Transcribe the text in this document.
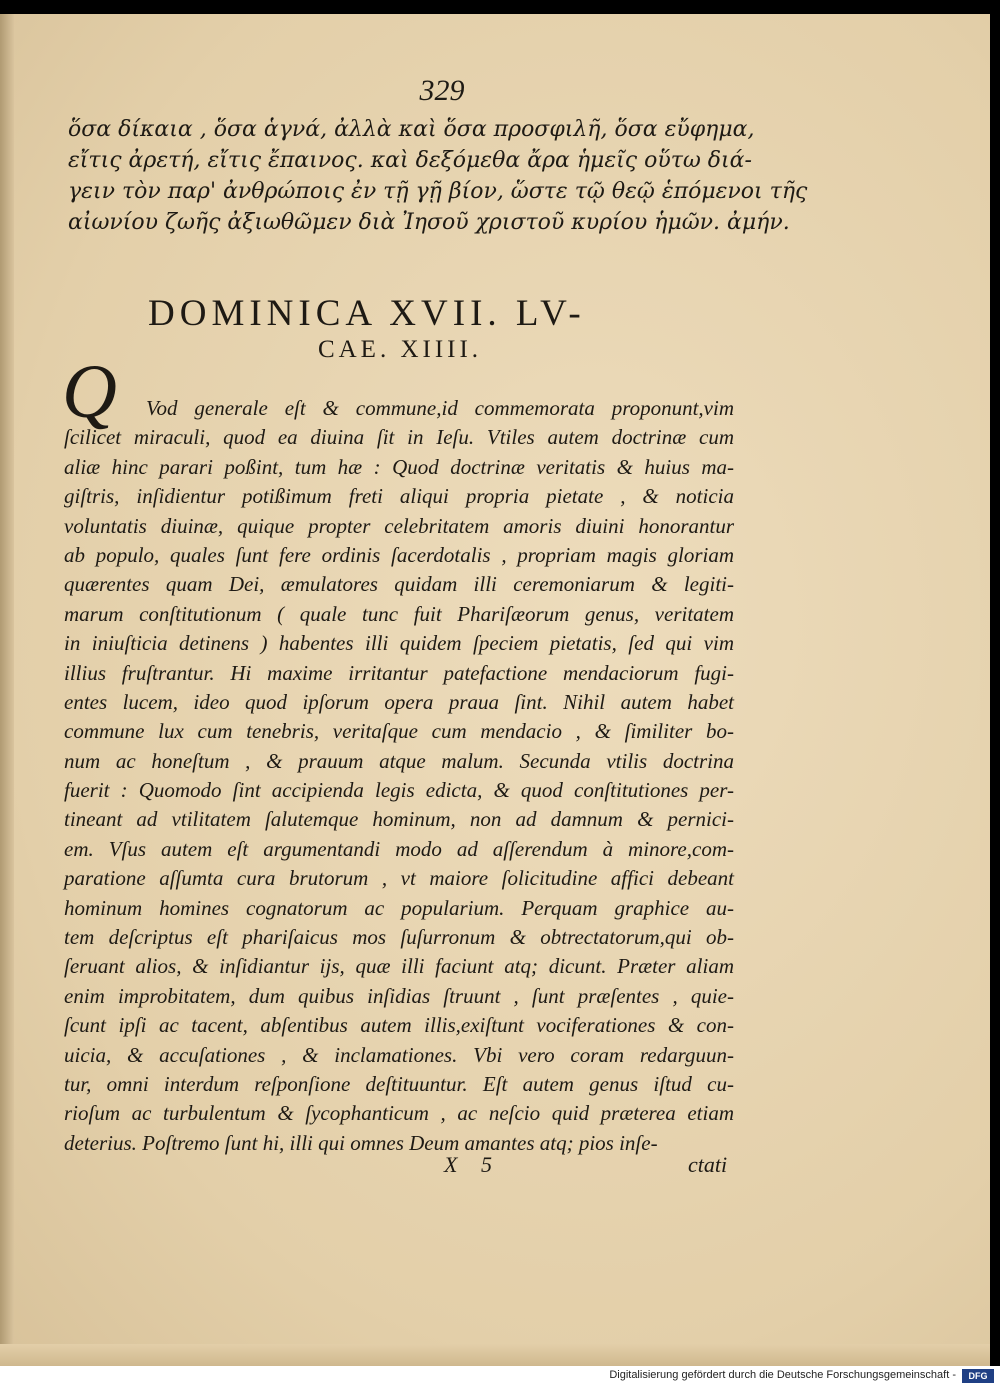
329
ὅσα δίκαια , ὅσα ἁγνά, ἀλλὰ καὶ ὅσα προσφιλῆ, ὅσα εὔφημα,
εἴτις ἀρετή, εἴτις ἔπαινος. καὶ δεξόμεθα ἄρα ἡμεῖς οὕτω διά-
γειν τὸν παρ' ἀνθρώποις ἐν τῇ γῇ βίον, ὥστε τῷ θεῷ ἑπόμενοι τῆς
αἰωνίου ζωῆς ἀξιωθῶμεν διὰ Ἰησοῦ χριστοῦ κυρίου ἡμῶν. ἀμήν.
DOMINICA XVII. LV-
CAE. XIIII.
Q	Vod generale eſt & commune,id commemorata proponunt,vim
ſcilicet miraculi, quod ea diuina ſit in Ieſu. Vtiles autem doctrinæ cum
aliæ hinc parari poßint, tum hæ : Quod doctrinæ veritatis & huius ma-
giſtris, inſidientur potißimum freti aliqui propria pietate , & noticia
voluntatis diuinæ, quique propter celebritatem amoris diuini honorantur
ab populo, quales ſunt fere ordinis ſacerdotalis , propriam magis gloriam
quærentes quam Dei, æmulatores quidam illi ceremoniarum & legiti-
marum conſtitutionum ( quale tunc fuit Phariſæorum genus, veritatem
in iniuſticia detinens ) habentes illi quidem ſpeciem pietatis, ſed qui vim
illius fruſtrantur. Hi maxime irritantur patefactione mendaciorum fugi-
entes lucem, ideo quod ipſorum opera praua ſint. Nihil autem habet
commune lux cum tenebris, veritaſque cum mendacio , & ſimiliter bo-
num ac honeſtum , & prauum atque malum. Secunda vtilis doctrina
fuerit : Quomodo ſint accipienda legis edicta, & quod conſtitutiones per-
tineant ad vtilitatem ſalutemque hominum, non ad damnum & pernici-
em. Vſus autem eſt argumentandi modo ad aſſerendum à minore,com-
paratione aſſumta cura brutorum , vt maiore ſolicitudine affici debeant
hominum homines cognatorum ac popularium. Perquam graphice au-
tem deſcriptus eſt phariſaicus mos ſuſurronum & obtrectatorum,qui ob-
ſeruant alios, & inſidiantur ijs, quæ illi faciunt atq; dicunt. Præter aliam
enim improbitatem, dum quibus inſidias ſtruunt , ſunt præſentes , quie-
ſcunt ipſi ac tacent, abſentibus autem illis,exiſtunt vociferationes & con-
uicia, & accuſationes , & inclamationes. Vbi vero coram redarguun-
tur, omni interdum reſponſione deſtituuntur. Eſt autem genus iſtud cu-
rioſum ac turbulentum & ſycophanticum , ac neſcio quid præterea etiam
deterius. Poſtremo ſunt hi, illi qui omnes Deum amantes atq; pios inſe-
X 5	ctati
Digitalisierung gefördert durch die Deutsche Forschungsgemeinschaft -	DFG
